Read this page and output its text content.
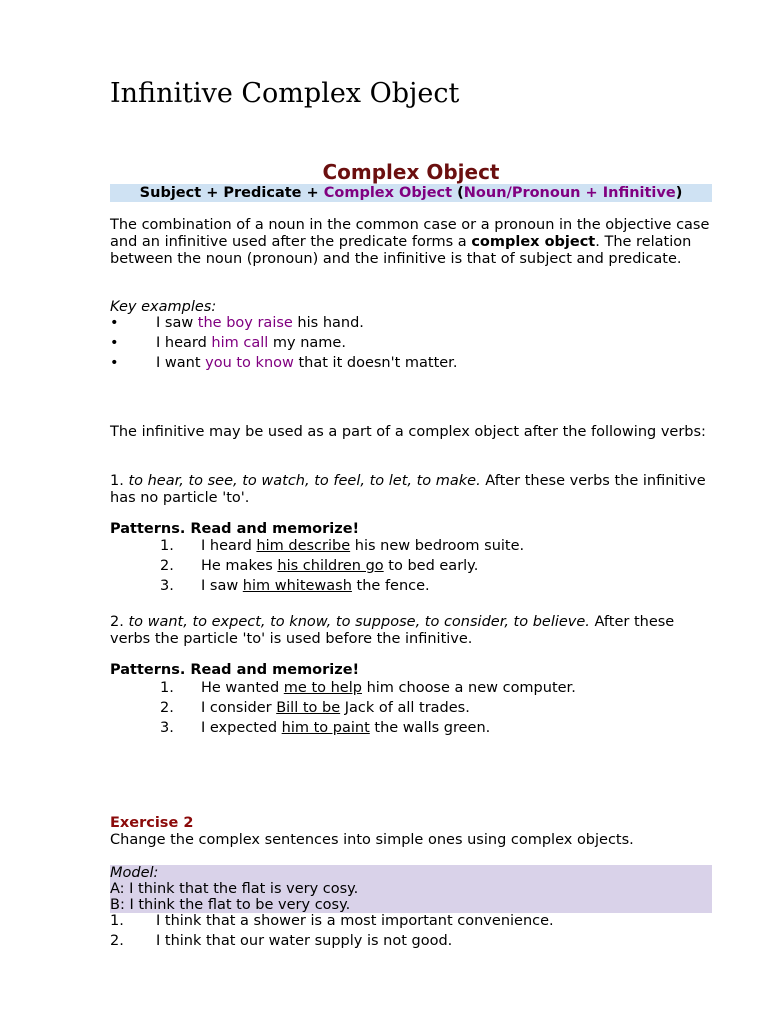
Infinitive Complex Object
Complex Object
Subject + Predicate + Complex Object (Noun/Pronoun + Infinitive)

The combination of a noun in the common case or a pronoun in the objective case and an infinitive used after the predicate forms a complex object. The relation between the noun (pronoun) and the infinitive is that of subject and predicate.

Key examples:

•	I saw the boy raise his hand.
•	I heard him call my name.
•	I want you to know that it doesn't matter.

The infinitive may be used as a part of a complex object after the following verbs:

1. to hear, to see, to watch, to feel, to let, to make. After these verbs the infinitive has no particle 'to'.

Patterns. Read and memorize!

1. I heard him describe his new bedroom suite.
2. He makes his children go to bed early.
3. I saw him whitewash the fence.

2. to want, to expect, to know, to suppose, to consider, to believe. After these verbs the particle 'to' is used before the infinitive.

Patterns. Read and memorize!

1. He wanted me to help him choose a new computer.
2. I consider Bill to be Jack of all trades.
3. I expected him to paint the walls green.

Exercise 2

Change the complex sentences into simple ones using complex objects.

Model:
A: I think that the flat is very cosy.
B: I think the flat to be very cosy.
1. I think that a shower is a most important convenience.
2. I think that our water supply is not good.
